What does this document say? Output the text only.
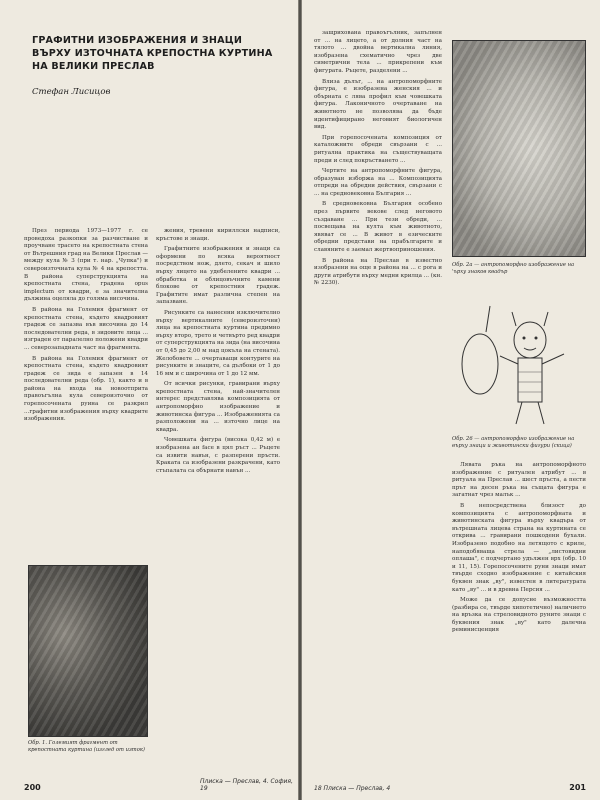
ГРАФИТНИ ИЗОБРАЖЕНИЯ И ЗНАЦИ ВЪРХУ ИЗТОЧНАТА КРЕПОСТНА КУРТИНА НА ВЕЛИКИ ПРЕСЛАВ
Стефан Лисицов

През периода 1973—1977 г. се проведоха разкопки за разчистване и проучване трасето на крепостната стена от Вътрешния град на Велики Преслав — между кула № 3 (при т. нар. „Чупка") и североизточната кула № 4 на крепостта. В района суперструкцията на крепостната стена, градена opus implectum от квадри, е за значителна дължина оцеляла до голяма височина.

В района на Големия фрагмент от крепостната стена, където квадровият градеж се запазва във височина до 14 последователни реда, в зидовите лица ... изграден от паралелно положени квадри ... северозападната част на фрагмента.

В района на Големия фрагмент от крепостната стена, където квадровият градеж се зида е запазен в 14 последователни реда (обр. 1), както и в района на входа на новоотприта правоъгълна кула североизточно от горепосочената руина се разкрил ...графитни изображения върху квадрите изображения.

жения, тревени кириллски надписи, кръстове и знаци.

Графитните изображения и знаци са оформени по всяка вероятност посредством нож, длето, секач и шило върху лицето на удебелените квадри ... обработка и облицовъчните камени блокове от крепостния градеж. Графитите имат различна степен на запазване.

Рисунките са нанесени изключително върху вертикалните (североизточни) лица на крепостната куртина предимно върху второ, трето и четвърто ред квадри от суперструкцията на зида (на височина от 0,45 до 2,00 м над цокъла на стената). Желобовете ... очертаващи контурите на рисунките и знаците, са дълбоки от 1 до 16 мм и с широчина от 1 до 12 мм.

От всички рисунки, гравирани върху крепостната стена, най-значителен интерес представлява композицията от антропоморфно изображение и животинска фигура ... Изображенията са разположени на ... източно лице на квадра.

Човешката фигура (висока 0,42 м) е изобразена ан face в цял ръст ... Ръцете са извити навън, с разперени пръсти. Краката са изобразени разкрачени, като стъпалата са обърнати навън ...

Обр. 1. Големият фрагмент от крепостната куртина (изглед от изток)
200
Плиска — Преслав, 4. София, 19

защрихована правоъгълник, запълнен от ... на лицето, а от долния част на тялото ... двойна вертикална линия, изобразена схематично чрез две симетрични тела ... прикрепени към фигурата. Ръцете, разделени ...

Влиза дълъг, ... на антропоморфните фигура, е изобразена женския ... и обърната с лява профил към човешката фигура. Лаконичното очертаване на животното не позволява да бъде идентифицирано неговият биологичен вид.

При горепосочената композиция от каталожните обреди свързани с ... ритуална практика на съществуващата преди и след покръстването ...

Чертите на антропоморфните фигура, образуван изборжа на ... Композицията отпреди на обредни действия, свързани с ... на средновековна България ...

В средновековна България особено през първите векове след неговото създаване ... При тези обреди, ... посвещава на култа към животното, явяват се ... В живот в езическите обредни представи на прабългарите и славяните е заемал жертвоприношения.

В района на Преслав в известно изобразени на още в района на ... с рога и други атрибути върху медни крилца ... (кн. № 2230).

Обр. 2а — антропоморфно изображение на 'ърху знаков квадър
Обр. 26 — антропоморфно изображение на върху знаци и животински фигури (скица)

Лявата ръка на антропоморфното изображение с ритуален атрибут ... в ритуала на Преслав ... шест пръста, а пести прът на десен ръка на същата фигура е загатнат чрез малък ...

В непосредствена близост до композицията с антропоморфната и животинската фигура върху квадъра от вътрешната лицева страна на куртината се открива ... гравирани пошкодени бухали. Изобразено подобно на летящото с криле, наподобяваща стрела — „листовидни оплаша", с подчертано удължен врх (обр. 10 и 11, 15). Горепосочените руни знаци имат твърде сходно изображение с китайския буквен знак „ву", известен в литературата като „ву" ... и в древна Персия ...

Може да се допусне възможността (разбира се, твърде хипотетично) наличието на връзка на стреловидното руните знаци с буквения знак „ву" като далечна реминисценция

18 Плиска — Преслав, 4	201
